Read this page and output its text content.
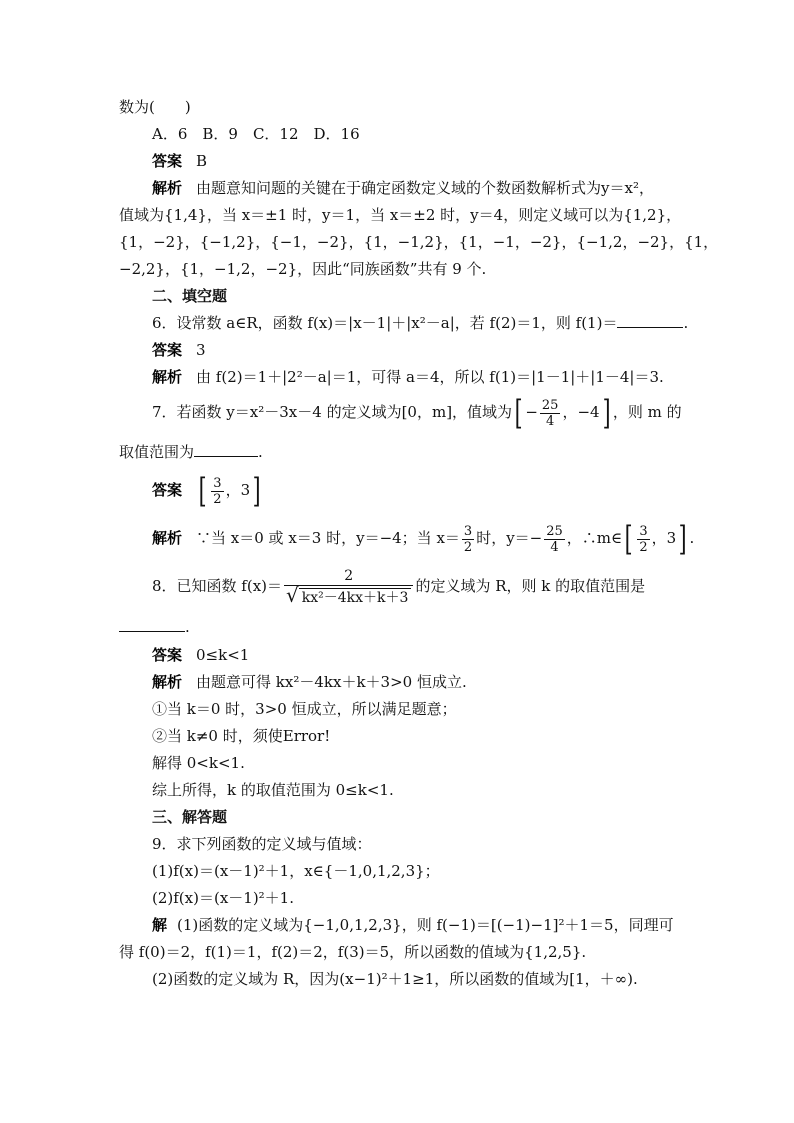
数为(　　)
A．6　B．9　C．12　D．16
答案 B
解析 由题意知问题的关键在于确定函数定义域的个数函数解析式为y＝x²，
值域为{1,4}，当 x＝±1 时，y＝1，当 x＝±2 时，y＝4，则定义域可以为{1,2}，
{1，−2}，{−1,2}，{−1，−2}，{1，−1,2}，{1，−1，−2}，{−1,2，−2}，{1，
−2,2}，{1，−1,2，−2}，因此“同族函数”共有 9 个.
二、填空题
6．设常数 a∈R，函数 f(x)＝|x－1|＋|x²－a|，若 f(2)＝1，则 f(1)＝	.
答案 3
解析 由 f(2)＝1＋|2²－a|＝1，可得 a＝4，所以 f(1)＝|1－1|＋|1－4|＝3.
7．若函数 y＝x²－3x－4 的定义域为[0，m]，值域为[ − $\frac{25}{4}$ ，−4] ，则 m 的
取值范围为	.
答案 [ $\frac{3}{2}$ ，3]
解析 ∵当 x＝0 或 x＝3 时，y＝−4；当 $x= \frac{3}{2}$ 时，$y=- \frac{25}{4}$ ，∴m∈[ $\frac{3}{2}$ ，3] .
8．已知函数 $f(x)= \frac{2}{\text{√ kx²－4kx＋k＋3}}$ 的定义域为 R，则 k 的取值范围是
.
答案 0≤k<1
解析 由题意可得 kx²－4kx＋k＋3>0 恒成立.
①当 k＝0 时，3>0 恒成立，所以满足题意；
②当 k≠0 时，须使Error!
解得 0<k<1.
综上所得，k 的取值范围为 0≤k<1.
三、解答题
9．求下列函数的定义域与值域：
(1)f(x)＝(x－1)²＋1，x∈{－1,0,1,2,3}；
(2)f(x)＝(x－1)²＋1.
解 (1)函数的定义域为{−1,0,1,2,3}，则 f(−1)＝[(−1)−1]²＋1＝5，同理可
得 f(0)＝2，f(1)＝1，f(2)＝2，f(3)＝5，所以函数的值域为{1,2,5}.
(2)函数的定义域为 R，因为(x−1)²＋1≥1，所以函数的值域为[1，＋∞).
